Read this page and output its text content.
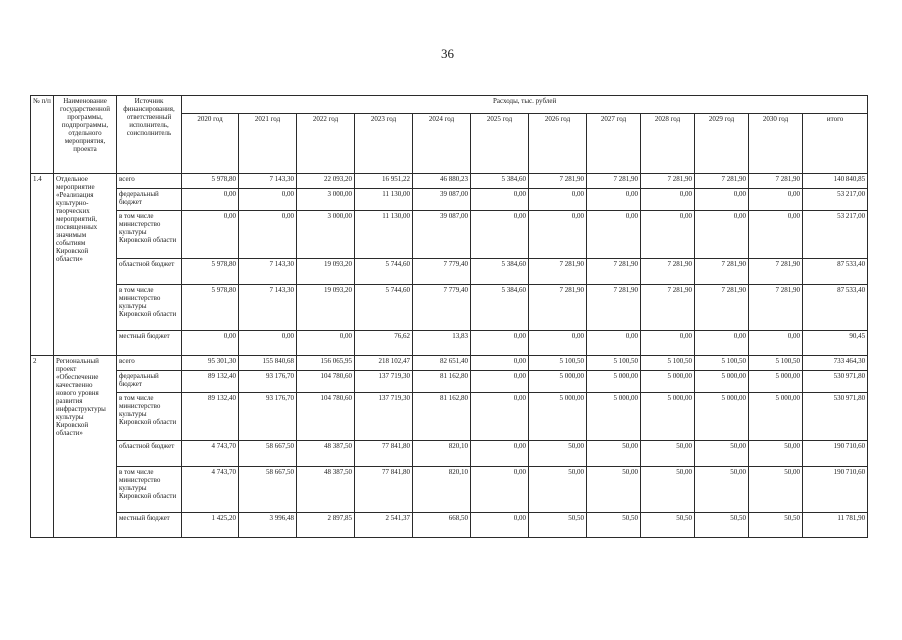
36
№ п/п	Наименование государственной программы, подпрограммы, отдельного мероприятия, проекта	Источник финансирования, ответственный исполнитель, соисполнитель	Расходы, тыс. рублей											
			2020 год	2021 год	2022 год	2023 год	2024 год	2025 год	2026 год	2027 год	2028 год	2029 год	2030 год	итого
1.4	Отдельное мероприятие «Реализация культурно-творческих мероприятий, посвященных значимым событиям Кировской области»	всего	5 978,80	7 143,30	22 093,20	16 951,22	46 880,23	5 384,60	7 281,90	7 281,90	7 281,90	7 281,90	7 281,90	140 840,85
		федеральный бюджет	0,00	0,00	3 000,00	11 130,00	39 087,00	0,00	0,00	0,00	0,00	0,00	0,00	53 217,00
		в том числе министерство культуры Кировской области	0,00	0,00	3 000,00	11 130,00	39 087,00	0,00	0,00	0,00	0,00	0,00	0,00	53 217,00
		областной бюджет	5 978,80	7 143,30	19 093,20	5 744,60	7 779,40	5 384,60	7 281,90	7 281,90	7 281,90	7 281,90	7 281,90	87 533,40
		в том числе министерство культуры Кировской области	5 978,80	7 143,30	19 093,20	5 744,60	7 779,40	5 384,60	7 281,90	7 281,90	7 281,90	7 281,90	7 281,90	87 533,40
		местный бюджет	0,00	0,00	0,00	76,62	13,83	0,00	0,00	0,00	0,00	0,00	0,00	90,45
2	Региональный проект «Обеспечение качественно нового уровня развития инфраструктуры культуры Кировской области»	всего	95 301,30	155 840,68	156 065,95	218 102,47	82 651,40	0,00	5 100,50	5 100,50	5 100,50	5 100,50	5 100,50	733 464,30
		федеральный бюджет	89 132,40	93 176,70	104 780,60	137 719,30	81 162,80	0,00	5 000,00	5 000,00	5 000,00	5 000,00	5 000,00	530 971,80
		в том числе министерство культуры Кировской области	89 132,40	93 176,70	104 780,60	137 719,30	81 162,80	0,00	5 000,00	5 000,00	5 000,00	5 000,00	5 000,00	530 971,80
		областной бюджет	4 743,70	58 667,50	48 387,50	77 841,80	820,10	0,00	50,00	50,00	50,00	50,00	50,00	190 710,60
		в том числе министерство культуры Кировской области	4 743,70	58 667,50	48 387,50	77 841,80	820,10	0,00	50,00	50,00	50,00	50,00	50,00	190 710,60
		местный бюджет	1 425,20	3 996,48	2 897,85	2 541,37	668,50	0,00	50,50	50,50	50,50	50,50	50,50	11 781,90
